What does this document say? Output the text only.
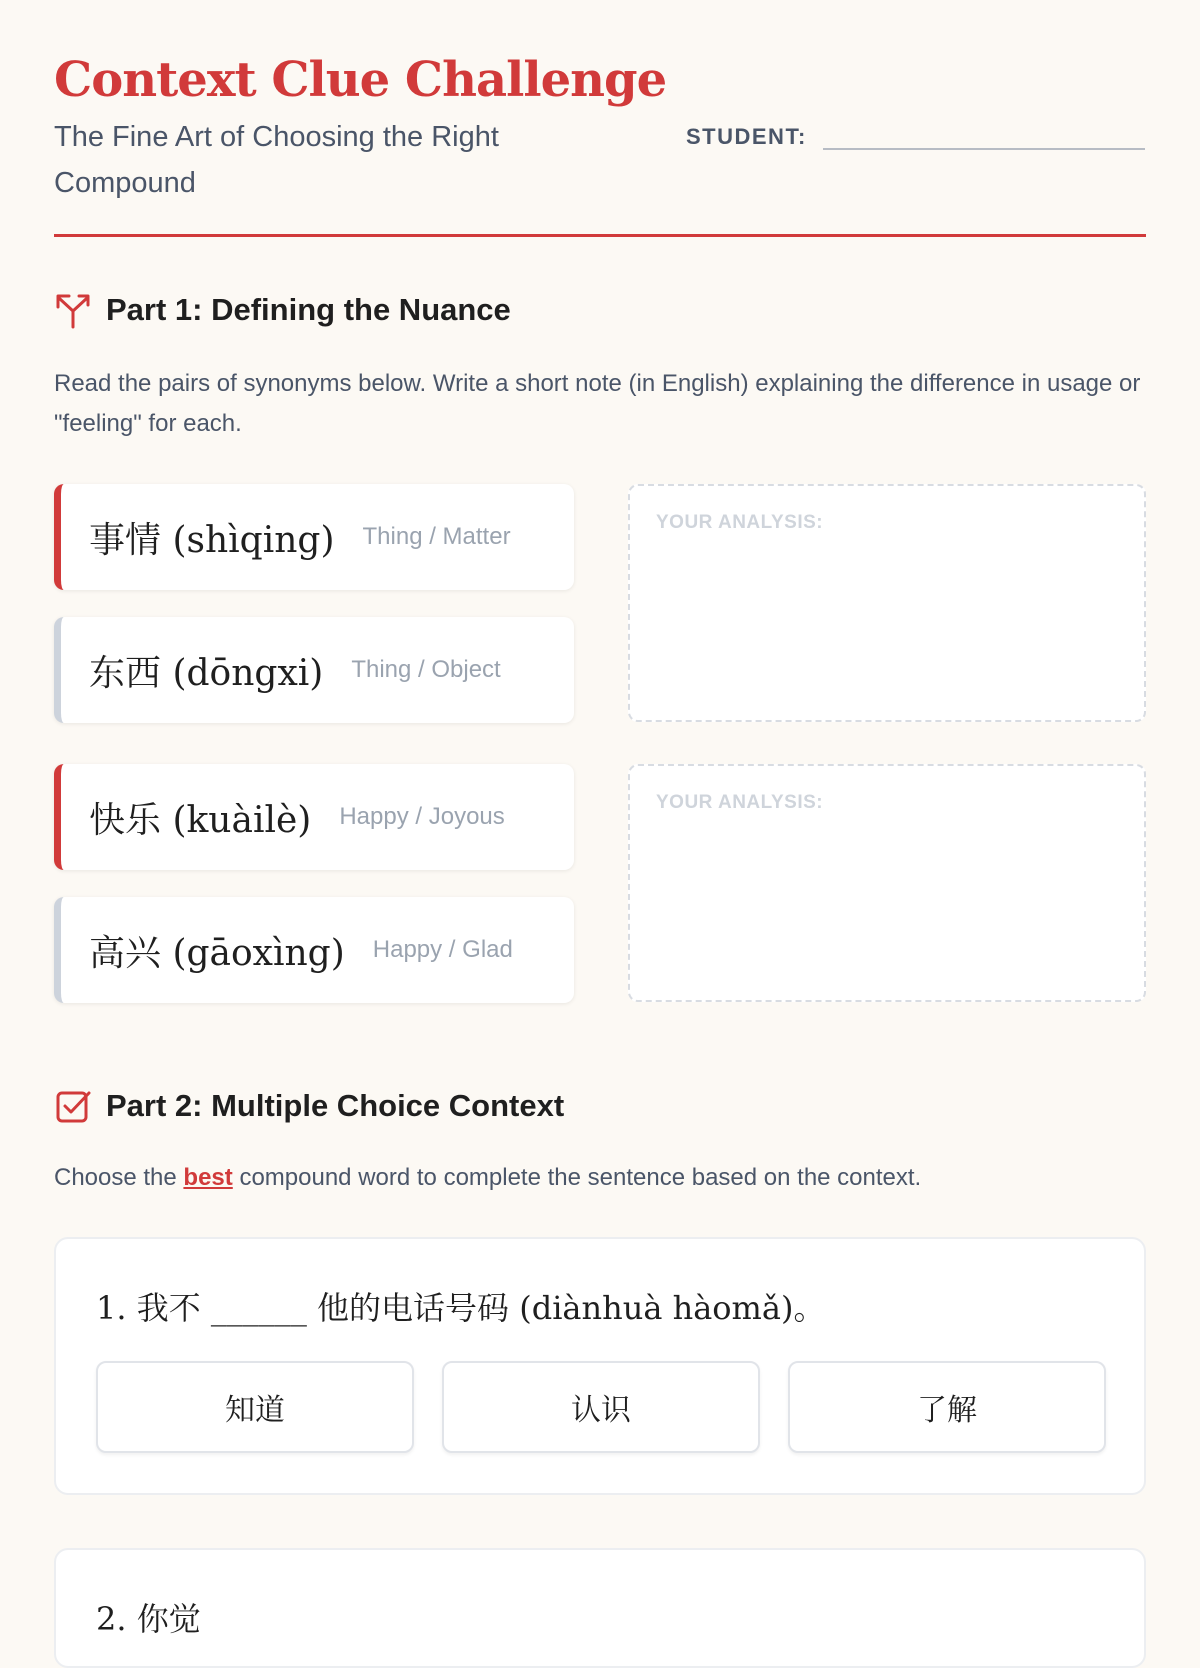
Context Clue Challenge
The Fine Art of Choosing the Right Compound
STUDENT:
Part 1: Defining the Nuance
Read the pairs of synonyms below. Write a short note (in English) explaining the difference in usage or "feeling" for each.
事情 (shìqing) Thing / Matter
东西 (dōngxi) Thing / Object
YOUR ANALYSIS:
快乐 (kuàilè) Happy / Joyous
高兴 (gāoxìng) Happy / Glad
YOUR ANALYSIS:
Part 2: Multiple Choice Context
Choose the best compound word to complete the sentence based on the context.
1. 我不 ______ 他的电话号码 (diànhuà hàomǎ)。
知道	认识	了解
2. 你觉
